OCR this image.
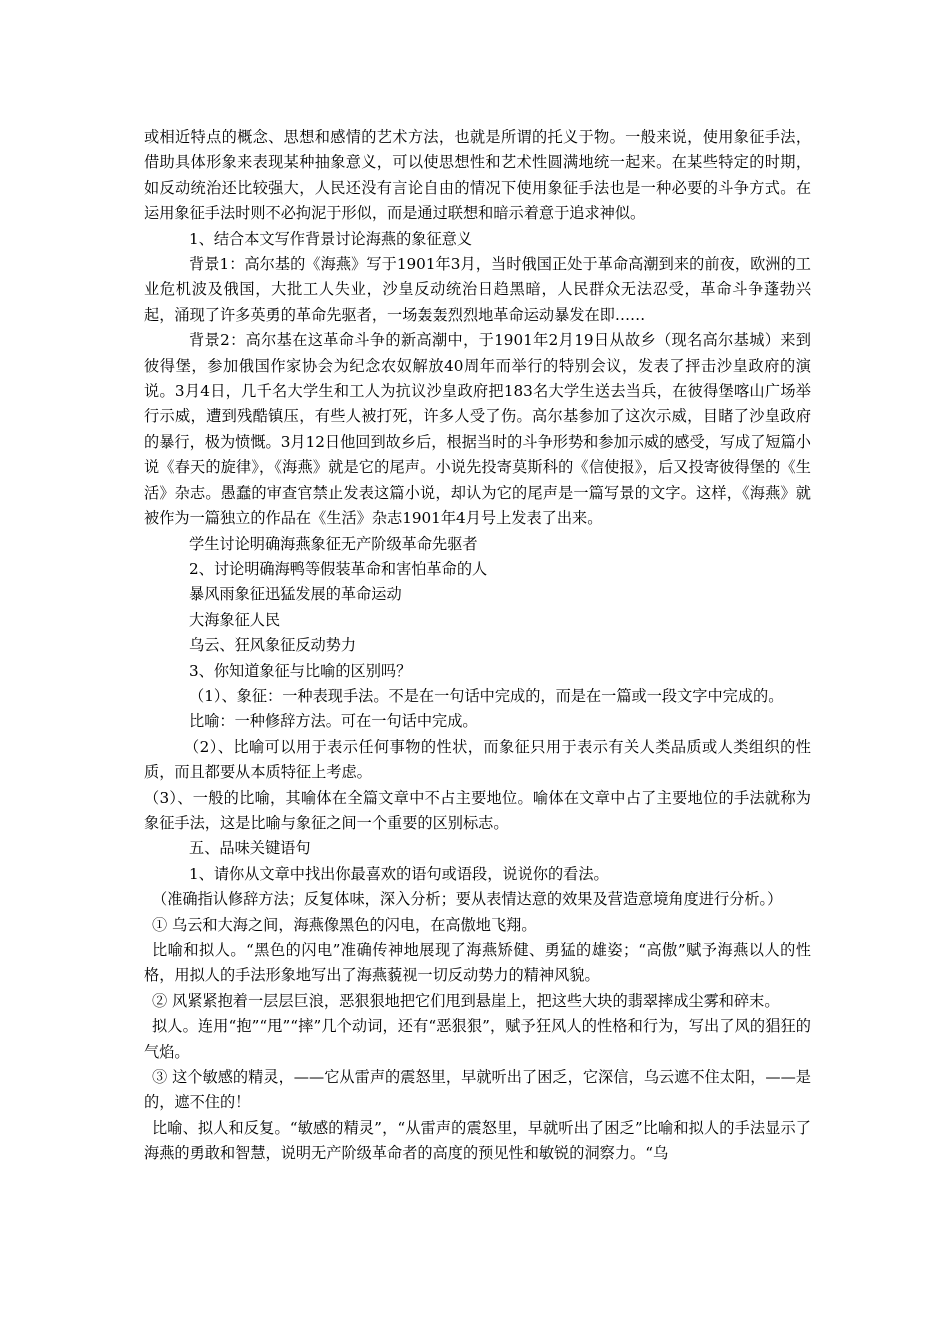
或相近特点的概念、思想和感情的艺术方法，也就是所谓的托义于物。一般来说，使用象征手法，借助具体形象来表现某种抽象意义，可以使思想性和艺术性圆满地统一起来。在某些特定的时期，如反动统治还比较强大，人民还没有言论自由的情况下使用象征手法也是一种必要的斗争方式。在运用象征手法时则不必拘泥于形似，而是通过联想和暗示着意于追求神似。

1、结合本文写作背景讨论海燕的象征意义

背景1：高尔基的《海燕》写于1901年3月，当时俄国正处于革命高潮到来的前夜，欧洲的工业危机波及俄国，大批工人失业，沙皇反动统治日趋黑暗，人民群众无法忍受，革命斗争蓬勃兴起，涌现了许多英勇的革命先驱者，一场轰轰烈烈地革命运动暴发在即……

背景2：高尔基在这革命斗争的新高潮中，于1901年2月19日从故乡（现名高尔基城）来到彼得堡，参加俄国作家协会为纪念农奴解放40周年而举行的特别会议，发表了抨击沙皇政府的演说。3月4日，几千名大学生和工人为抗议沙皇政府把183名大学生送去当兵，在彼得堡喀山广场举行示威，遭到残酷镇压，有些人被打死，许多人受了伤。高尔基参加了这次示威，目睹了沙皇政府的暴行，极为愤慨。3月12日他回到故乡后，根据当时的斗争形势和参加示威的感受，写成了短篇小说《春天的旋律》，《海燕》就是它的尾声。小说先投寄莫斯科的《信使报》，后又投寄彼得堡的《生活》杂志。愚蠢的审查官禁止发表这篇小说，却认为它的尾声是一篇写景的文字。这样，《海燕》就被作为一篇独立的作品在《生活》杂志1901年4月号上发表了出来。

学生讨论明确海燕象征无产阶级革命先驱者

2、讨论明确海鸭等假装革命和害怕革命的人

暴风雨象征迅猛发展的革命运动

大海象征人民

乌云、狂风象征反动势力

3、你知道象征与比喻的区别吗？

（1）、象征：一种表现手法。不是在一句话中完成的，而是在一篇或一段文字中完成的。

比喻：一种修辞方法。可在一句话中完成。

（2）、比喻可以用于表示任何事物的性状，而象征只用于表示有关人类品质或人类组织的性质，而且都要从本质特征上考虑。

（3）、一般的比喻，其喻体在全篇文章中不占主要地位。喻体在文章中占了主要地位的手法就称为象征手法，这是比喻与象征之间一个重要的区别标志。

五、品味关键语句

1、请你从文章中找出你最喜欢的语句或语段，说说你的看法。

（准确指认修辞方法；反复体味，深入分析；要从表情达意的效果及营造意境角度进行分析。）

① 乌云和大海之间，海燕像黑色的闪电，在高傲地飞翔。

比喻和拟人。“黑色的闪电”准确传神地展现了海燕矫健、勇猛的雄姿；“高傲”赋予海燕以人的性格，用拟人的手法形象地写出了海燕藐视一切反动势力的精神风貌。

② 风紧紧抱着一层层巨浪，恶狠狠地把它们甩到悬崖上，把这些大块的翡翠摔成尘雾和碎末。

拟人。连用“抱”“甩”“摔”几个动词，还有“恶狠狠”，赋予狂风人的性格和行为，写出了风的猖狂的气焰。

③ 这个敏感的精灵，——它从雷声的震怒里，早就听出了困乏，它深信，乌云遮不住太阳，——是的，遮不住的！

比喻、拟人和反复。“敏感的精灵”，“从雷声的震怒里，早就听出了困乏”比喻和拟人的手法显示了海燕的勇敢和智慧，说明无产阶级革命者的高度的预见性和敏锐的洞察力。“乌
